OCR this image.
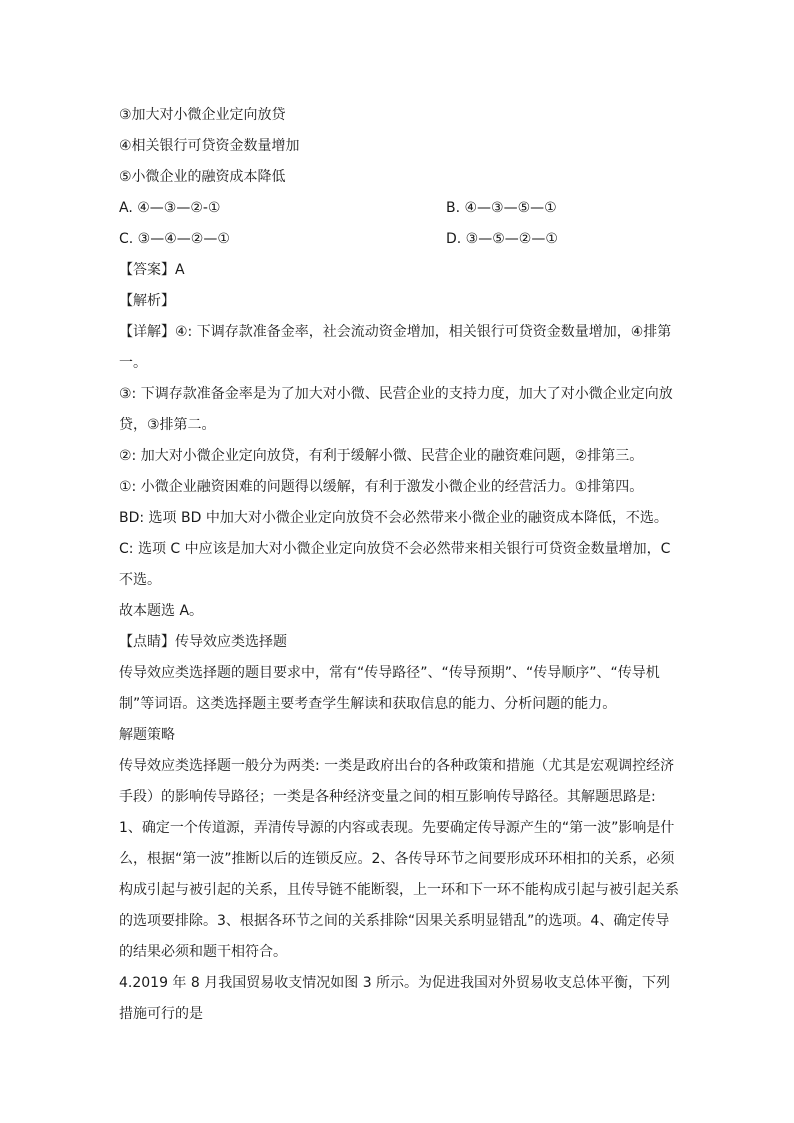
③加大对小微企业定向放贷
④相关银行可贷资金数量增加
⑤小微企业的融资成本降低
A. ④—③—②-①	B. ④—③—⑤—①
C. ③—④—②—①	D. ③—⑤—②—①
【答案】A
【解析】
【详解】④: 下调存款准备金率，社会流动资金增加，相关银行可贷资金数量增加，④排第一。
③: 下调存款准备金率是为了加大对小微、民营企业的支持力度，加大了对小微企业定向放贷，③排第二。
②: 加大对小微企业定向放贷，有利于缓解小微、民营企业的融资难问题，②排第三。
①: 小微企业融资困难的问题得以缓解，有利于激发小微企业的经营活力。①排第四。
BD: 选项 BD 中加大对小微企业定向放贷不会必然带来小微企业的融资成本降低，不选。
C: 选项 C 中应该是加大对小微企业定向放贷不会必然带来相关银行可贷资金数量增加，C 不选。
故本题选 A。
【点睛】传导效应类选择题
传导效应类选择题的题目要求中，常有“传导路径”、“传导预期”、“传导顺序”、“传导机制”等词语。这类选择题主要考查学生解读和获取信息的能力、分析问题的能力。
解题策略
传导效应类选择题一般分为两类: 一类是政府出台的各种政策和措施（尤其是宏观调控经济手段）的影响传导路径；一类是各种经济变量之间的相互影响传导路径。其解题思路是: 1、确定一个传道源，弄清传导源的内容或表现。先要确定传导源产生的“第一波”影响是什么，根据“第一波”推断以后的连锁反应。2、各传导环节之间要形成环环相扣的关系，必须构成引起与被引起的关系，且传导链不能断裂，上一环和下一环不能构成引起与被引起关系的选项要排除。3、根据各环节之间的关系排除“因果关系明显错乱”的选项。4、确定传导的结果必须和题干相符合。
4.2019 年 8 月我国贸易收支情况如图 3 所示。为促进我国对外贸易收支总体平衡，下列措施可行的是
